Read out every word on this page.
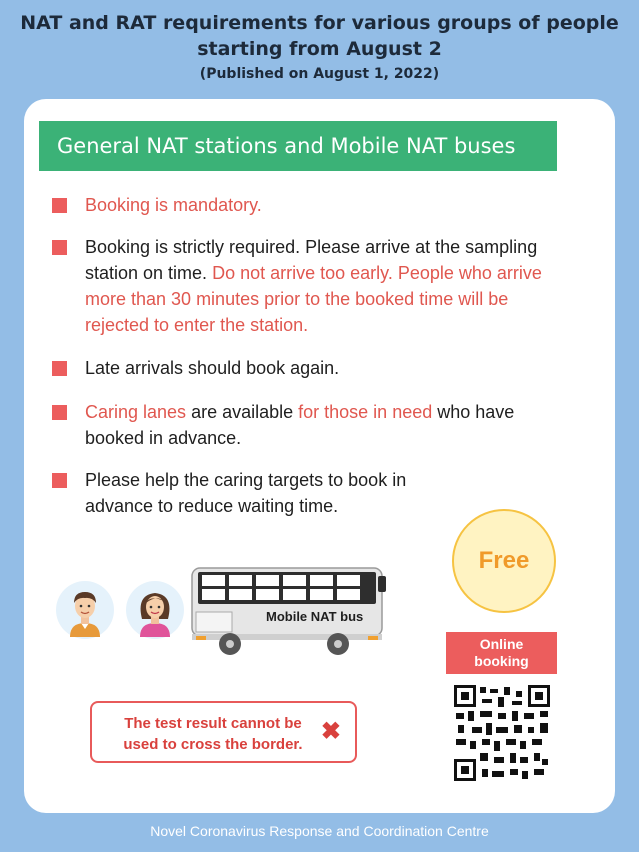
NAT and RAT requirements for various groups of people
starting from August 2
(Published on August 1, 2022)
General NAT stations and Mobile NAT buses
Booking is mandatory.
Booking is strictly required. Please arrive at the sampling station on time. Do not arrive too early. People who arrive more than 30 minutes prior to the booked time will be rejected to enter the station.
Late arrivals should book again.
Caring lanes are available for those in need who have booked in advance.
Please help the caring targets to book in advance to reduce waiting time.
Free
Mobile NAT bus
Online
booking
The test result cannot be used to cross the border. ✖
Novel Coronavirus Response and Coordination Centre
